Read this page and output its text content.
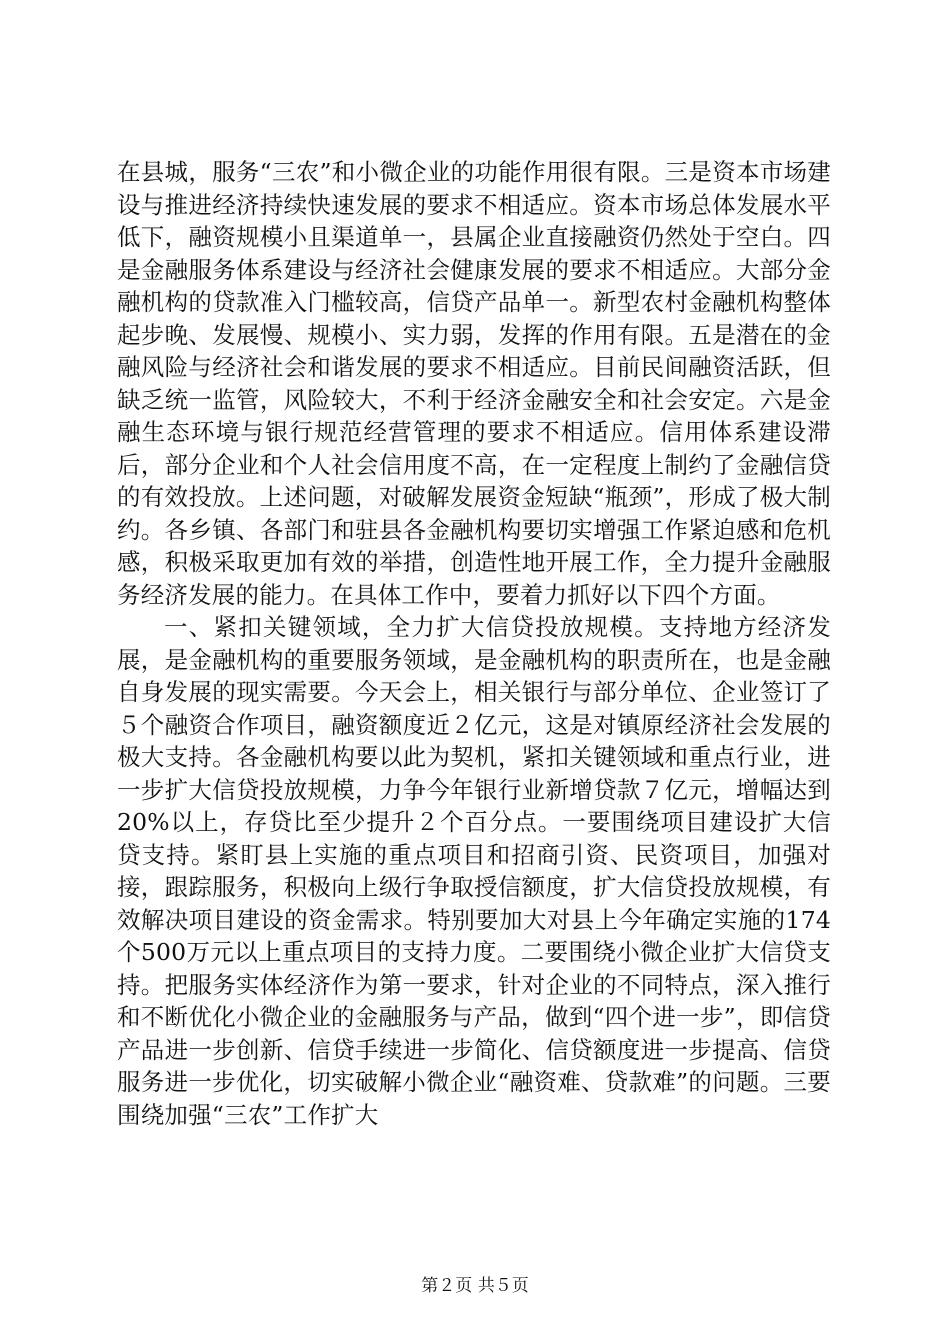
在县城，服务“三农”和小微企业的功能作用很有限。三是资本市场建设与推进经济持续快速发展的要求不相适应。资本市场总体发展水平低下，融资规模小且渠道单一，县属企业直接融资仍然处于空白。四是金融服务体系建设与经济社会健康发展的要求不相适应。大部分金融机构的贷款准入门槛较高，信贷产品单一。新型农村金融机构整体起步晚、发展慢、规模小、实力弱，发挥的作用有限。五是潜在的金融风险与经济社会和谐发展的要求不相适应。目前民间融资活跃，但缺乏统一监管，风险较大，不利于经济金融安全和社会安定。六是金融生态环境与银行规范经营管理的要求不相适应。信用体系建设滞后，部分企业和个人社会信用度不高，在一定程度上制约了金融信贷的有效投放。上述问题，对破解发展资金短缺“瓶颈”，形成了极大制约。各乡镇、各部门和驻县各金融机构要切实增强工作紧迫感和危机感，积极采取更加有效的举措，创造性地开展工作，全力提升金融服务经济发展的能力。在具体工作中，要着力抓好以下四个方面。

一、紧扣关键领域，全力扩大信贷投放规模。支持地方经济发展，是金融机构的重要服务领域，是金融机构的职责所在，也是金融自身发展的现实需要。今天会上，相关银行与部分单位、企业签订了５个融资合作项目，融资额度近２亿元，这是对镇原经济社会发展的极大支持。各金融机构要以此为契机，紧扣关键领域和重点行业，进一步扩大信贷投放规模，力争今年银行业新增贷款７亿元，增幅达到20%以上，存贷比至少提升２个百分点。一要围绕项目建设扩大信贷支持。紧盯县上实施的重点项目和招商引资、民资项目，加强对接，跟踪服务，积极向上级行争取授信额度，扩大信贷投放规模，有效解决项目建设的资金需求。特别要加大对县上今年确定实施的174个500万元以上重点项目的支持力度。二要围绕小微企业扩大信贷支持。把服务实体经济作为第一要求，针对企业的不同特点，深入推行和不断优化小微企业的金融服务与产品，做到“四个进一步”，即信贷产品进一步创新、信贷手续进一步简化、信贷额度进一步提高、信贷服务进一步优化，切实破解小微企业“融资难、贷款难”的问题。三要围绕加强“三农”工作扩大

第２页 共５页
